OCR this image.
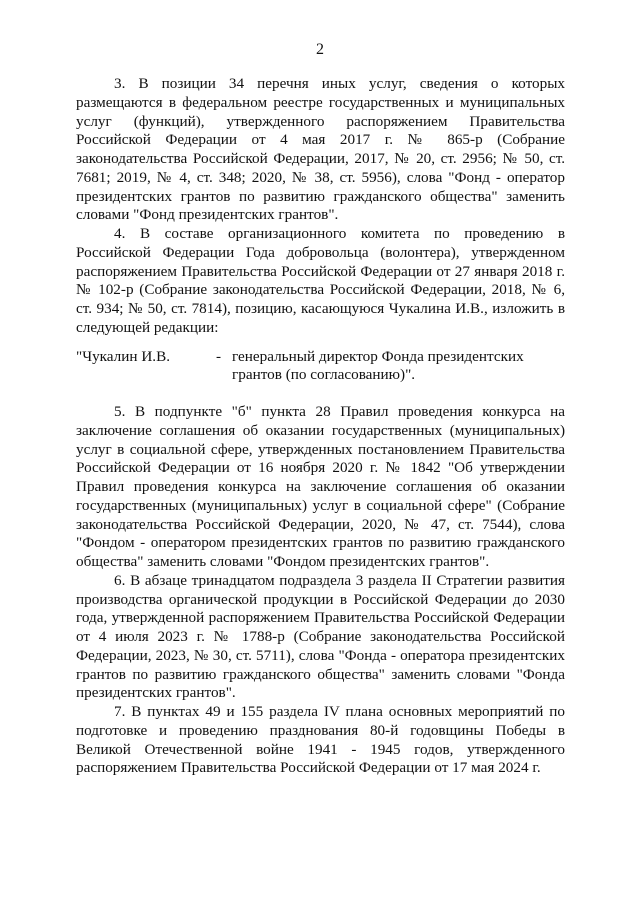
2

3. В позиции 34 перечня иных услуг, сведения о которых размещаются в федеральном реестре государственных и муниципальных услуг (функций), утвержденного распоряжением Правительства Российской Федерации от 4 мая 2017 г. № 865-р (Собрание законодательства Российской Федерации, 2017, № 20, ст. 2956; № 50, ст. 7681; 2019, № 4, ст. 348; 2020, № 38, ст. 5956), слова "Фонд - оператор президентских грантов по развитию гражданского общества" заменить словами "Фонд президентских грантов".

4. В составе организационного комитета по проведению в Российской Федерации Года добровольца (волонтера), утвержденном распоряжением Правительства Российской Федерации от 27 января 2018 г. № 102-р (Собрание законодательства Российской Федерации, 2018, № 6, ст. 934; № 50, ст. 7814), позицию, касающуюся Чукалина И.В., изложить в следующей редакции:

"Чукалин И.В.	- генеральный директор Фонда президентских грантов (по согласованию)".

5. В подпункте "б" пункта 28 Правил проведения конкурса на заключение соглашения об оказании государственных (муниципальных) услуг в социальной сфере, утвержденных постановлением Правительства Российской Федерации от 16 ноября 2020 г. № 1842 "Об утверждении Правил проведения конкурса на заключение соглашения об оказании государственных (муниципальных) услуг в социальной сфере" (Собрание законодательства Российской Федерации, 2020, № 47, ст. 7544), слова "Фондом - оператором президентских грантов по развитию гражданского общества" заменить словами "Фондом президентских грантов".

6. В абзаце тринадцатом подраздела 3 раздела II Стратегии развития производства органической продукции в Российской Федерации до 2030 года, утвержденной распоряжением Правительства Российской Федерации от 4 июля 2023 г. № 1788-р (Собрание законодательства Российской Федерации, 2023, № 30, ст. 5711), слова "Фонда - оператора президентских грантов по развитию гражданского общества" заменить словами "Фонда президентских грантов".

7. В пунктах 49 и 155 раздела IV плана основных мероприятий по подготовке и проведению празднования 80-й годовщины Победы в Великой Отечественной войне 1941 - 1945 годов, утвержденного распоряжением Правительства Российской Федерации от 17 мая 2024 г.
